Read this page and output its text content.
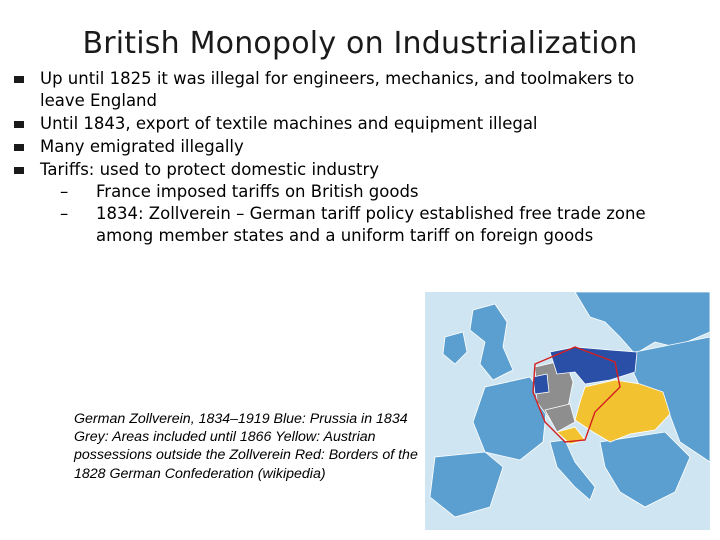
British Monopoly on Industrialization
Up until 1825 it was illegal for engineers, mechanics, and toolmakers to leave England
Until 1843, export of textile machines and equipment illegal
Many emigrated illegally
Tariffs: used to protect domestic industry
– France imposed tariffs on British goods
– 1834: Zollverein – German tariff policy established free trade zone among member states and a uniform tariff on foreign goods
German Zollverein, 1834–1919 Blue: Prussia in 1834 Grey: Areas included until 1866 Yellow: Austrian possessions outside the Zollverein Red: Borders of the 1828 German Confederation (wikipedia)
